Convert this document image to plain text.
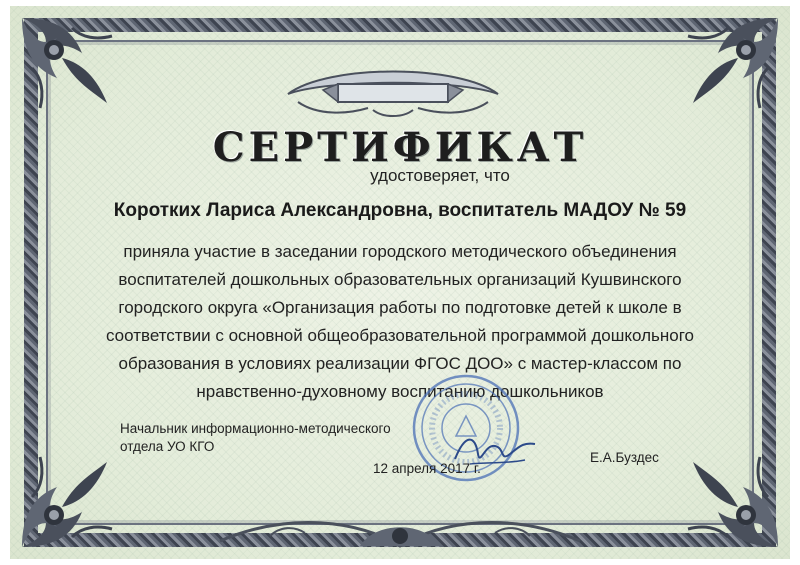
СЕРТИФИКАТ
удостоверяет, что
Коротких Лариса Александровна, воспитатель МАДОУ № 59
приняла участие в заседании городского методического объединения
воспитателей дошкольных образовательных организаций Кушвинского
городского округа «Организация работы по подготовке детей к школе в
соответствии с основной общеобразовательной программой дошкольного
образования в условиях реализации ФГОС ДОО» с мастер-классом по
нравственно-духовному воспитанию дошкольников
Начальник информационно-методического
отдела УО КГО
12 апреля 2017 г.
Е.А.Буздес
